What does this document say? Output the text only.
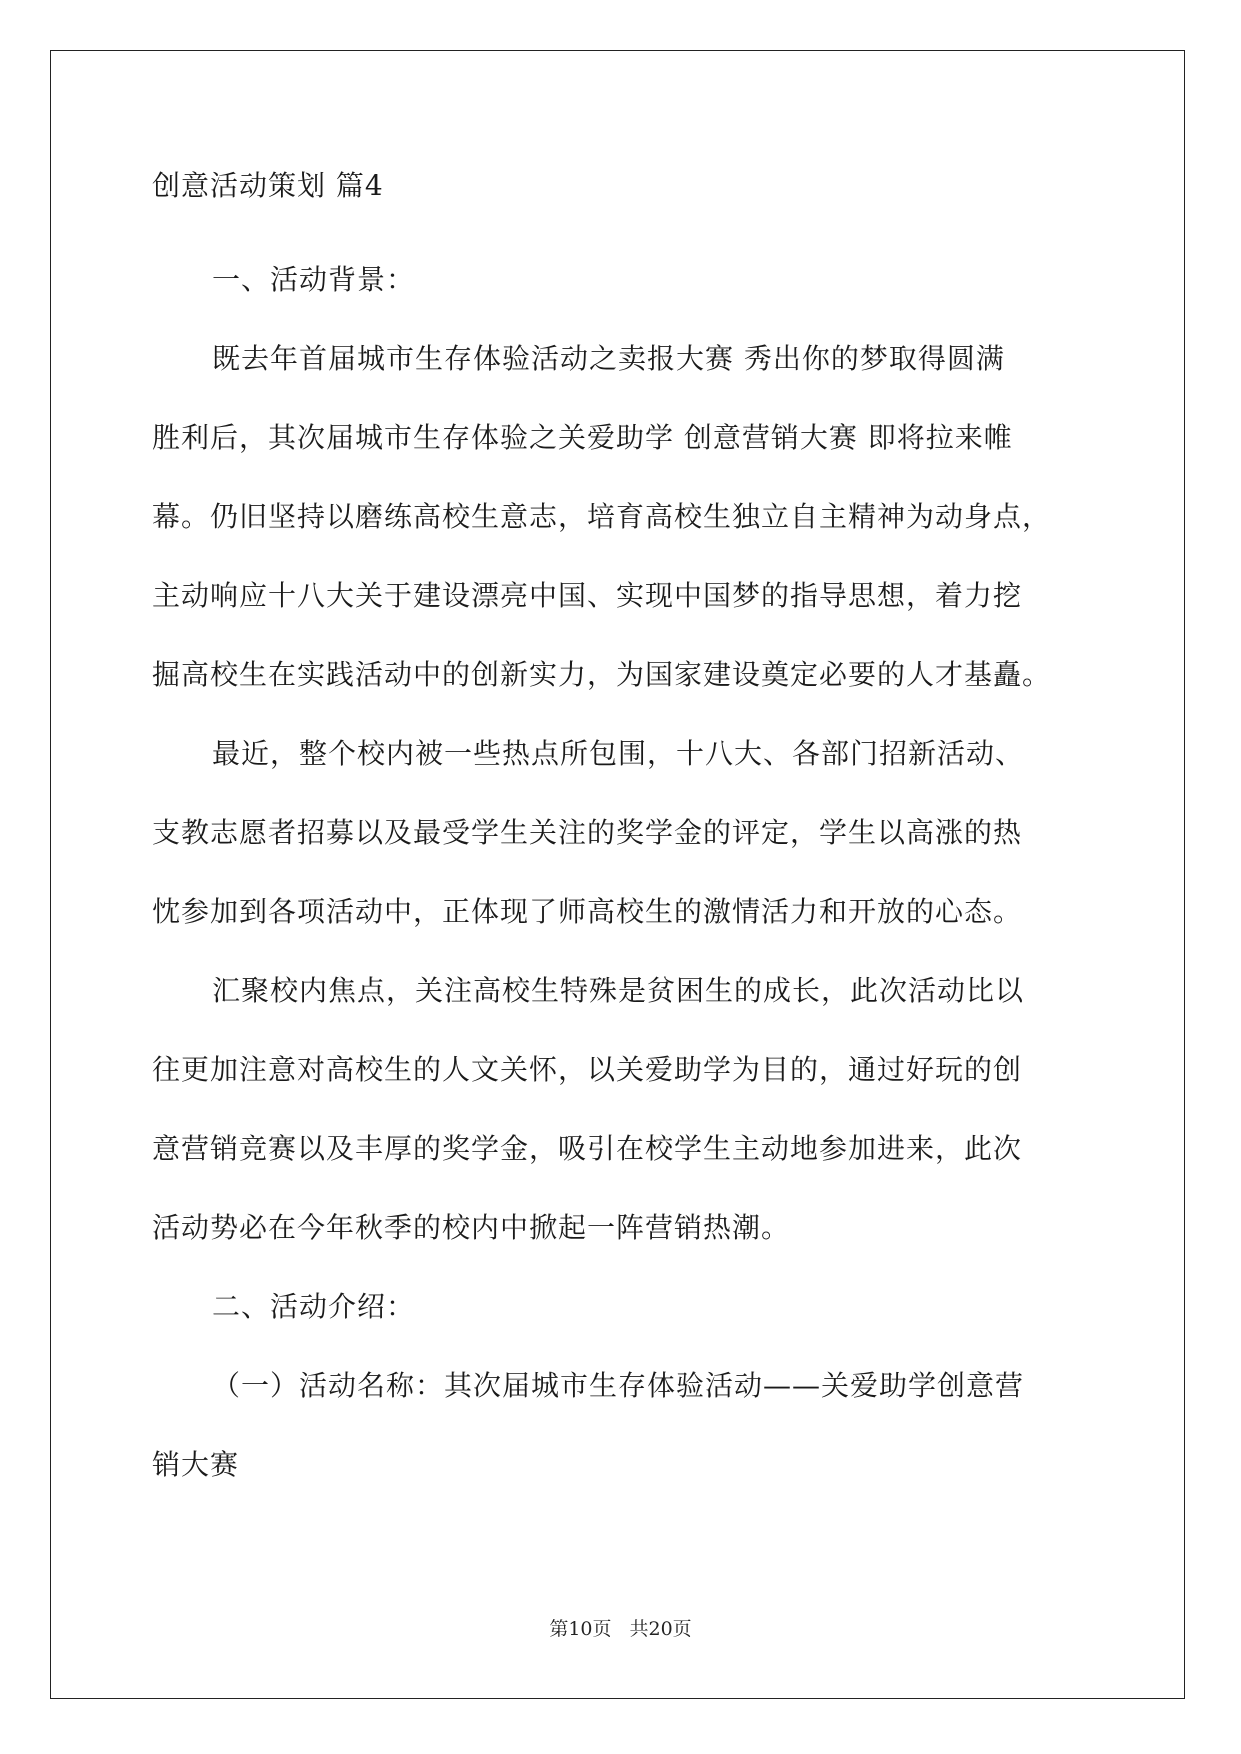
创意活动策划 篇4
一、活动背景：
既去年首届城市生存体验活动之卖报大赛 秀出你的梦取得圆满
胜利后，其次届城市生存体验之关爱助学 创意营销大赛 即将拉来帷
幕。仍旧坚持以磨练高校生意志，培育高校生独立自主精神为动身点，
主动响应十八大关于建设漂亮中国、实现中国梦的指导思想，着力挖
掘高校生在实践活动中的创新实力，为国家建设奠定必要的人才基矗。
最近，整个校内被一些热点所包围，十八大、各部门招新活动、
支教志愿者招募以及最受学生关注的奖学金的评定，学生以高涨的热
忱参加到各项活动中，正体现了师高校生的激情活力和开放的心态。
汇聚校内焦点，关注高校生特殊是贫困生的成长，此次活动比以
往更加注意对高校生的人文关怀，以关爱助学为目的，通过好玩的创
意营销竞赛以及丰厚的奖学金，吸引在校学生主动地参加进来，此次
活动势必在今年秋季的校内中掀起一阵营销热潮。
二、活动介绍：
（一）活动名称：其次届城市生存体验活动——关爱助学创意营
销大赛
第10页 共20页
